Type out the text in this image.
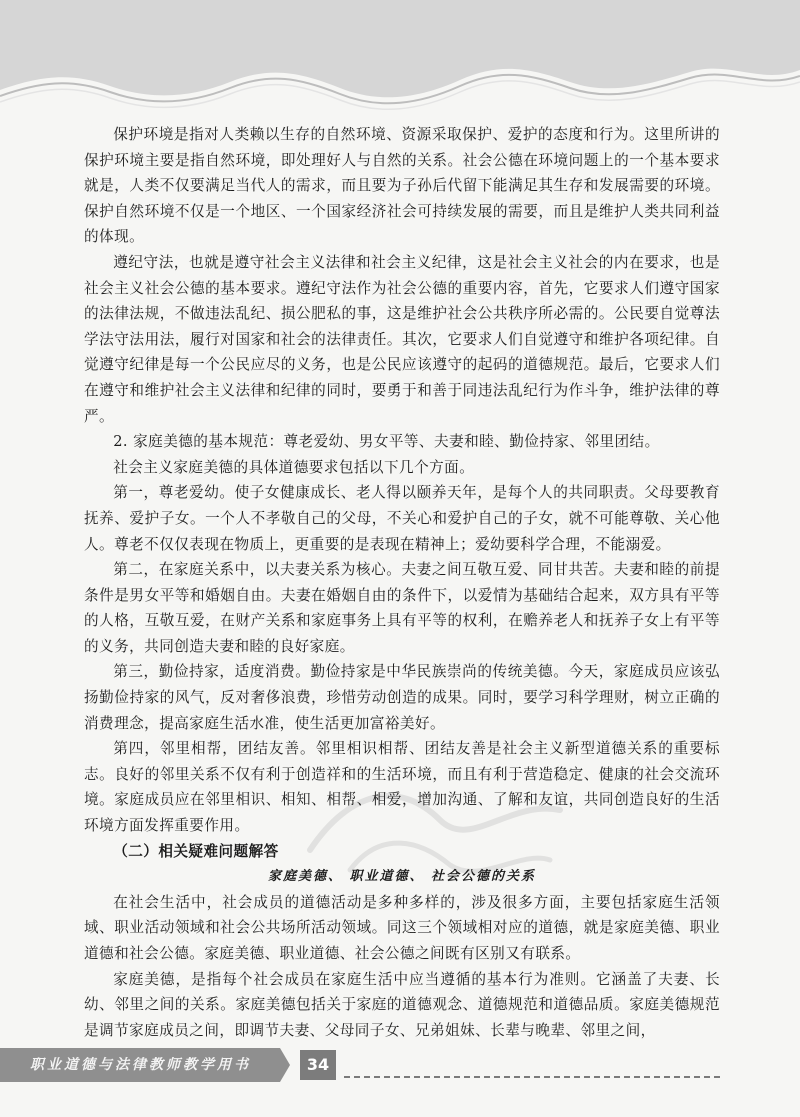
保护环境是指对人类赖以生存的自然环境、资源采取保护、爱护的态度和行为。这里所讲的保护环境主要是指自然环境，即处理好人与自然的关系。社会公德在环境问题上的一个基本要求就是，人类不仅要满足当代人的需求，而且要为子孙后代留下能满足其生存和发展需要的环境。保护自然环境不仅是一个地区、一个国家经济社会可持续发展的需要，而且是维护人类共同利益的体现。

遵纪守法，也就是遵守社会主义法律和社会主义纪律，这是社会主义社会的内在要求，也是社会主义社会公德的基本要求。遵纪守法作为社会公德的重要内容，首先，它要求人们遵守国家的法律法规，不做违法乱纪、损公肥私的事，这是维护社会公共秩序所必需的。公民要自觉尊法学法守法用法，履行对国家和社会的法律责任。其次，它要求人们自觉遵守和维护各项纪律。自觉遵守纪律是每一个公民应尽的义务，也是公民应该遵守的起码的道德规范。最后，它要求人们在遵守和维护社会主义法律和纪律的同时，要勇于和善于同违法乱纪行为作斗争，维护法律的尊严。

2. 家庭美德的基本规范：尊老爱幼、男女平等、夫妻和睦、勤俭持家、邻里团结。

社会主义家庭美德的具体道德要求包括以下几个方面。

第一，尊老爱幼。使子女健康成长、老人得以颐养天年，是每个人的共同职责。父母要教育抚养、爱护子女。一个人不孝敬自己的父母，不关心和爱护自己的子女，就不可能尊敬、关心他人。尊老不仅仅表现在物质上，更重要的是表现在精神上；爱幼要科学合理，不能溺爱。

第二，在家庭关系中，以夫妻关系为核心。夫妻之间互敬互爱、同甘共苦。夫妻和睦的前提条件是男女平等和婚姻自由。夫妻在婚姻自由的条件下，以爱情为基础结合起来，双方具有平等的人格，互敬互爱，在财产关系和家庭事务上具有平等的权利，在赡养老人和抚养子女上有平等的义务，共同创造夫妻和睦的良好家庭。

第三，勤俭持家，适度消费。勤俭持家是中华民族崇尚的传统美德。今天，家庭成员应该弘扬勤俭持家的风气，反对奢侈浪费，珍惜劳动创造的成果。同时，要学习科学理财，树立正确的消费理念，提高家庭生活水准，使生活更加富裕美好。

第四，邻里相帮，团结友善。邻里相识相帮、团结友善是社会主义新型道德关系的重要标志。良好的邻里关系不仅有利于创造祥和的生活环境，而且有利于营造稳定、健康的社会交流环境。家庭成员应在邻里相识、相知、相帮、相爱，增加沟通、了解和友谊，共同创造良好的生活环境方面发挥重要作用。

（二）相关疑难问题解答

家庭美德、 职业道德、 社会公德的关系

在社会生活中，社会成员的道德活动是多种多样的，涉及很多方面，主要包括家庭生活领域、职业活动领域和社会公共场所活动领域。同这三个领域相对应的道德，就是家庭美德、职业道德和社会公德。家庭美德、职业道德、社会公德之间既有区别又有联系。

家庭美德，是指每个社会成员在家庭生活中应当遵循的基本行为准则。它涵盖了夫妻、长幼、邻里之间的关系。家庭美德包括关于家庭的道德观念、道德规范和道德品质。家庭美德规范是调节家庭成员之间，即调节夫妻、父母同子女、兄弟姐妹、长辈与晚辈、邻里之间，

职业道德与法律教师教学用书	34
